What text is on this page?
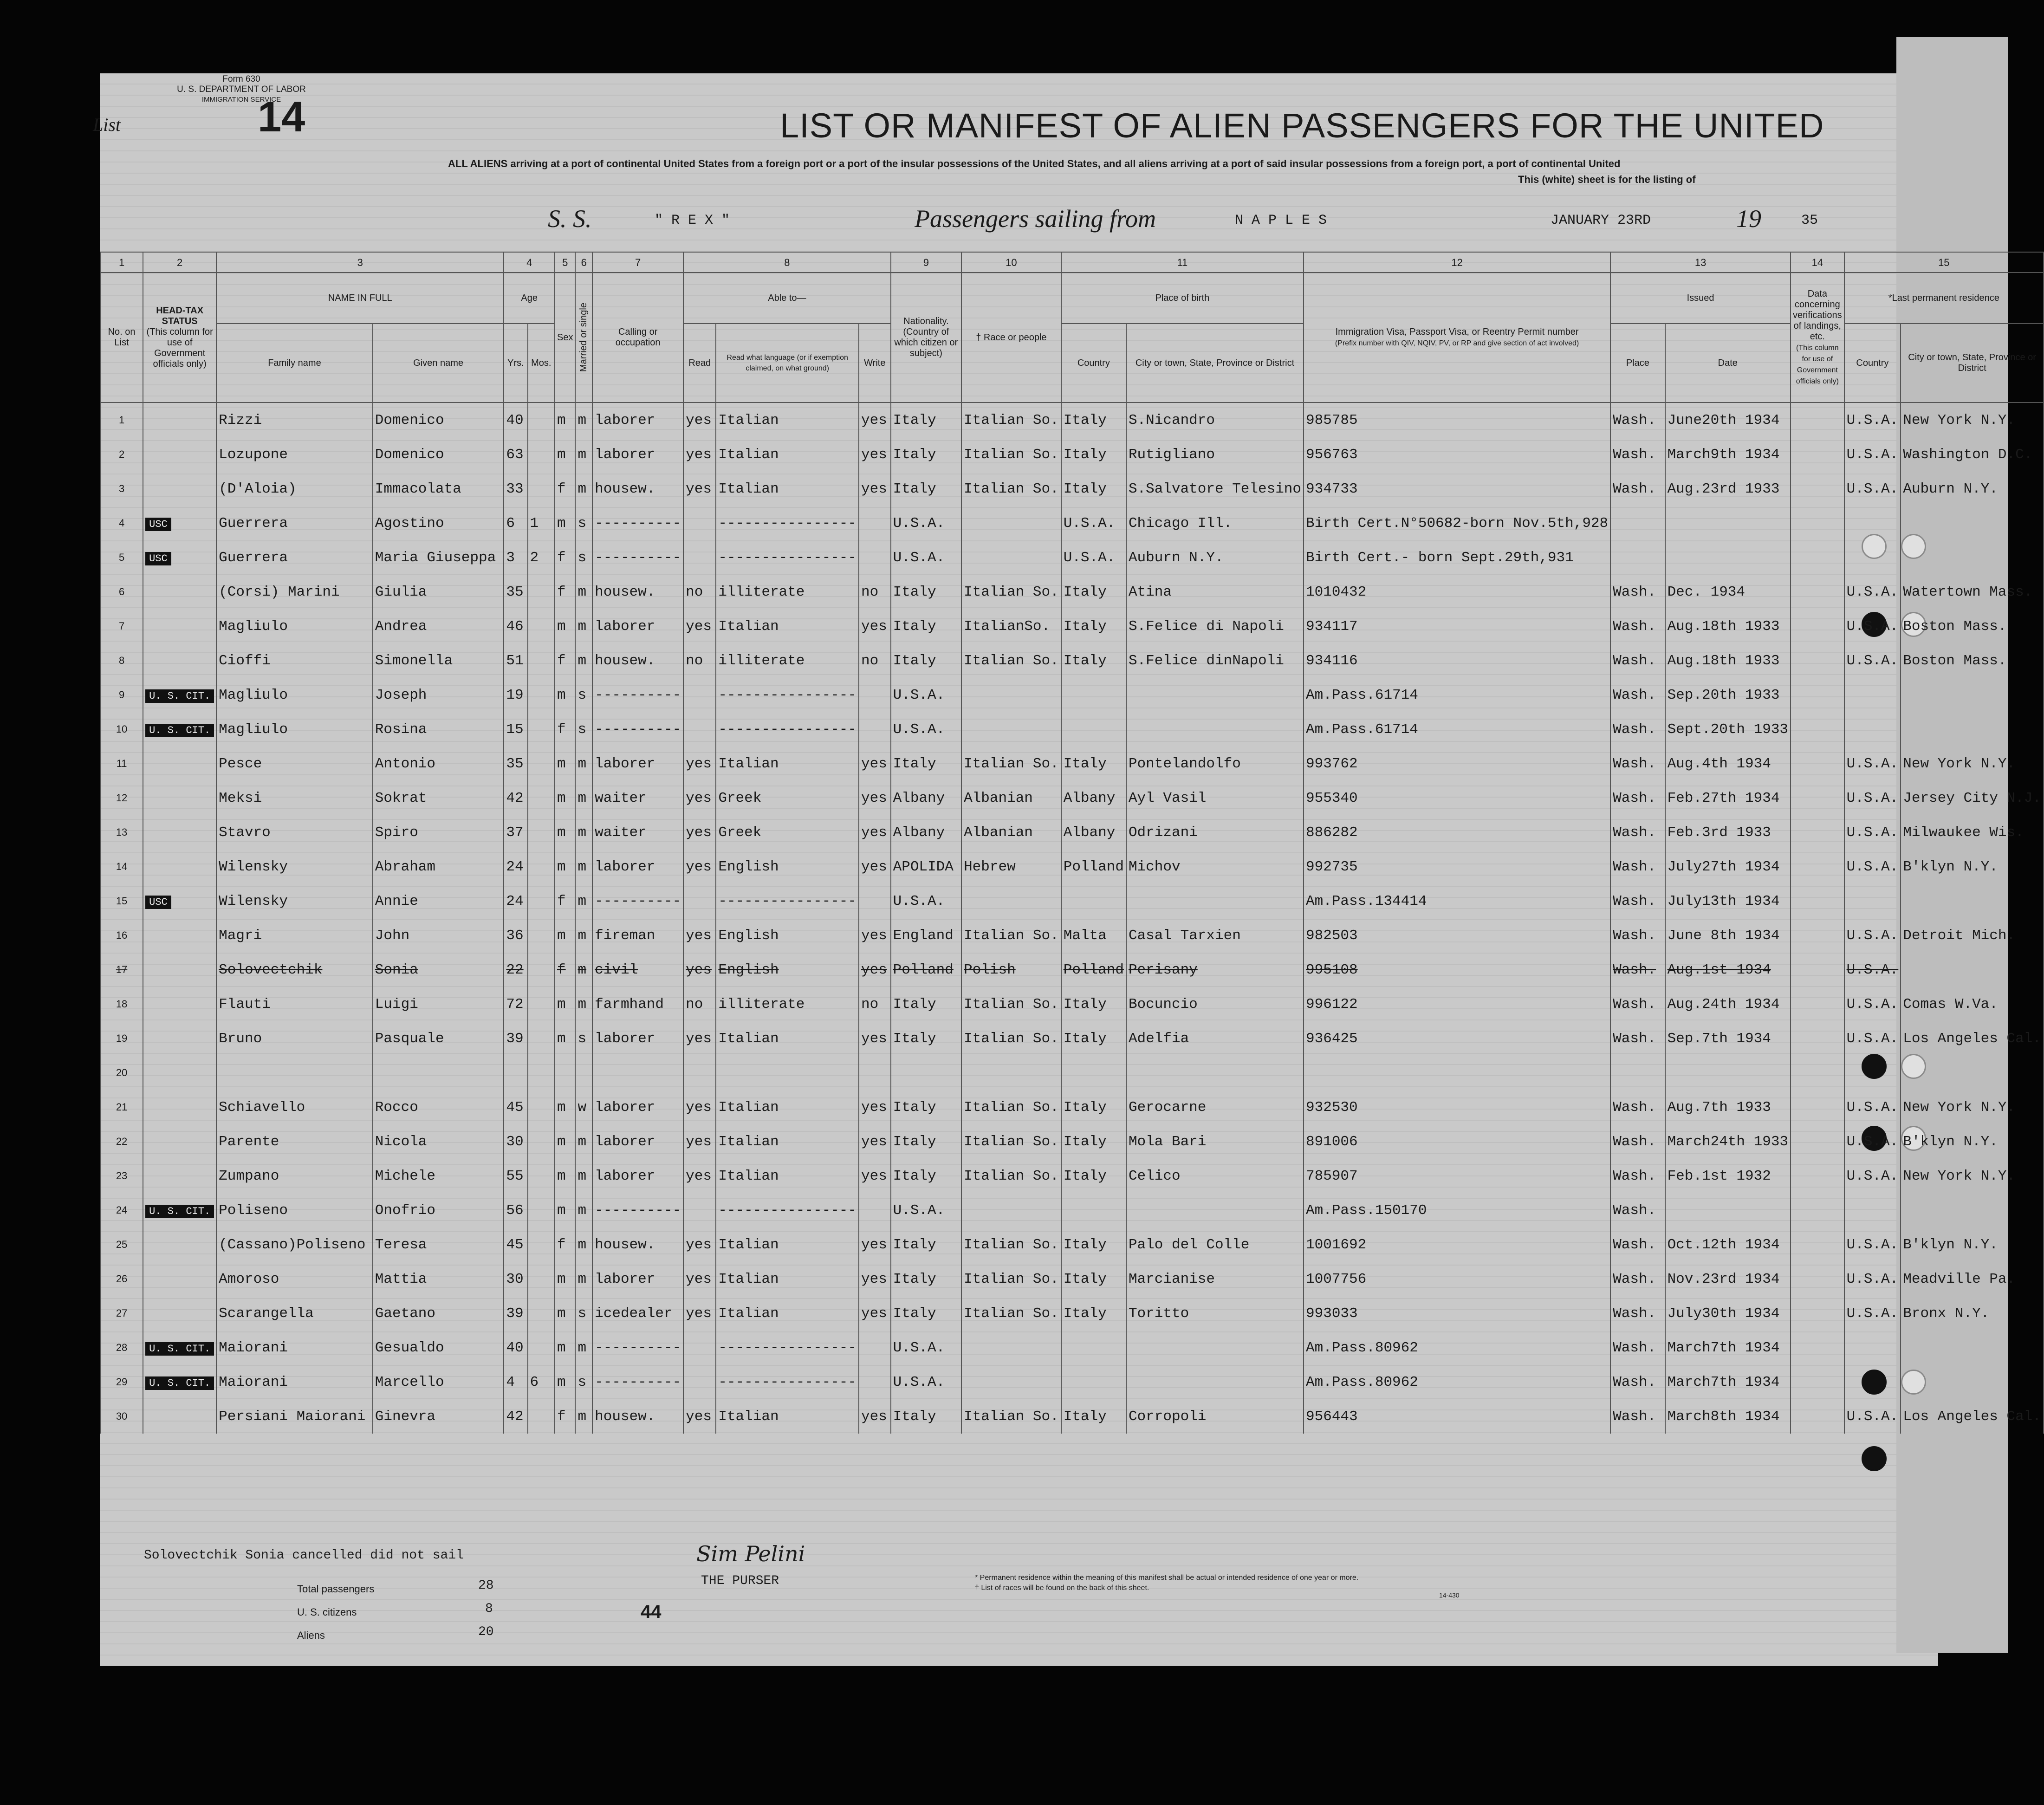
Form 630
U. S. DEPARTMENT OF LABOR
IMMIGRATION SERVICE
List	14	LIST OR MANIFEST OF ALIEN PASSENGERS FOR THE UNITED
ALL ALIENS arriving at a port of continental United States from a foreign port or a port of the insular possessions of the United States, and all aliens arriving at a port of said insular possessions from a foreign port, a port of continental United
This (white) sheet is for the listing of
S. S.	" R E X "	Passengers sailing from	N A P L E S	JANUARY 23RD	19	35
1	2	3		4		5	6	7	8			9	10	11		12	13		14	15	
No. on List	HEAD-TAX STATUS
(This column for use of Government officials only)	NAME IN FULL		Age		Sex	Married or single	Calling or occupation	Able to—			Nationality. (Country of which citizen or subject)	† Race or people	Place of birth		Immigration Visa, Passport Visa, or Reentry Permit number
(Prefix number with QIV, NQIV, PV, or RP and give section of act involved)	Issued		Data concerning verifications of landings, etc.
(This column for use of Government officials only)	*Last permanent residence	
		Family name	Given name	Yrs.	Mos.				Read	Read what language (or if exemption claimed, on what ground)	Write			Country	City or town, State, Province or District		Place	Date		Country	City or town, State, Province or District
1		Rizzi	Domenico	40		m	m	laborer	yes	Italian	yes	Italy	Italian So.	Italy	S.Nicandro	985785	Wash.	June20th 1934		U.S.A.	New York N.Y.
2		Lozupone	Domenico	63		m	m	laborer	yes	Italian	yes	Italy	Italian So.	Italy	Rutigliano	956763	Wash.	March9th 1934		U.S.A.	Washington D.C.
3		(D'Aloia)	Immacolata	33		f	m	housew.	yes	Italian	yes	Italy	Italian So.	Italy	S.Salvatore Telesino	934733	Wash.	Aug.23rd 1933		U.S.A.	Auburn N.Y.
4	USC	Guerrera	Agostino	6	1	m	s	----------		----------------		U.S.A.		U.S.A.	Chicago Ill.	Birth Cert.N°50682-born Nov.5th,928					
5	USC	Guerrera	Maria Giuseppa	3	2	f	s	----------		----------------		U.S.A.		U.S.A.	Auburn N.Y.	Birth Cert.- born Sept.29th,931					
6		(Corsi) Marini	Giulia	35		f	m	housew.	no	illiterate	no	Italy	Italian So.	Italy	Atina	1010432	Wash.	Dec. 1934		U.S.A.	Watertown Mass.
7		Magliulo	Andrea	46		m	m	laborer	yes	Italian	yes	Italy	ItalianSo.	Italy	S.Felice di Napoli	934117	Wash.	Aug.18th 1933		U.S.A.	Boston Mass.
8		Cioffi	Simonella	51		f	m	housew.	no	illiterate	no	Italy	Italian So.	Italy	S.Felice dinNapoli	934116	Wash.	Aug.18th 1933		U.S.A.	Boston Mass.
9	U. S. CIT.	Magliulo	Joseph	19		m	s	----------		----------------		U.S.A.				Am.Pass.61714	Wash.	Sep.20th 1933			
10	U. S. CIT.	Magliulo	Rosina	15		f	s	----------		----------------		U.S.A.				Am.Pass.61714	Wash.	Sept.20th 1933			
11		Pesce	Antonio	35		m	m	laborer	yes	Italian	yes	Italy	Italian So.	Italy	Pontelandolfo	993762	Wash.	Aug.4th 1934		U.S.A.	New York N.Y.
12		Meksi	Sokrat	42		m	m	waiter	yes	Greek	yes	Albany	Albanian	Albany	Ayl Vasil	955340	Wash.	Feb.27th 1934		U.S.A.	Jersey City N.J.
13		Stavro	Spiro	37		m	m	waiter	yes	Greek	yes	Albany	Albanian	Albany	Odrizani	886282	Wash.	Feb.3rd 1933		U.S.A.	Milwaukee Wis.
14		Wilensky	Abraham	24		m	m	laborer	yes	English	yes	APOLIDA	Hebrew	Polland	Michov	992735	Wash.	July27th 1934		U.S.A.	B'klyn N.Y.
15	USC	Wilensky	Annie	24		f	m	----------		----------------		U.S.A.				Am.Pass.134414	Wash.	July13th 1934			
16		Magri	John	36		m	m	fireman	yes	English	yes	England	Italian So.	Malta	Casal Tarxien	982503	Wash.	June 8th 1934		U.S.A.	Detroit Mich.
17		Solovectchik	Sonia	22		f	m	civil	yes	English	yes	Polland	Polish	Polland	Perisany	995108	Wash.	Aug.1st 1934		U.S.A.	
18		Flauti	Luigi	72		m	m	farmhand	no	illiterate	no	Italy	Italian So.	Italy	Bocuncio	996122	Wash.	Aug.24th 1934		U.S.A.	Comas W.Va.
19		Bruno	Pasquale	39		m	s	laborer	yes	Italian	yes	Italy	Italian So.	Italy	Adelfia	936425	Wash.	Sep.7th 1934		U.S.A.	Los Angeles Cal.
20																					
21		Schiavello	Rocco	45		m	w	laborer	yes	Italian	yes	Italy	Italian So.	Italy	Gerocarne	932530	Wash.	Aug.7th 1933		U.S.A.	New York N.Y.
22		Parente	Nicola	30		m	m	laborer	yes	Italian	yes	Italy	Italian So.	Italy	Mola Bari	891006	Wash.	March24th 1933		U.S.A.	B'klyn N.Y.
23		Zumpano	Michele	55		m	m	laborer	yes	Italian	yes	Italy	Italian So.	Italy	Celico	785907	Wash.	Feb.1st 1932		U.S.A.	New York N.Y.
24	U. S. CIT.	Poliseno	Onofrio	56		m	m	----------		----------------		U.S.A.				Am.Pass.150170	Wash.				
25		(Cassano)Poliseno	Teresa	45		f	m	housew.	yes	Italian	yes	Italy	Italian So.	Italy	Palo del Colle	1001692	Wash.	Oct.12th 1934		U.S.A.	B'klyn N.Y.
26		Amoroso	Mattia	30		m	m	laborer	yes	Italian	yes	Italy	Italian So.	Italy	Marcianise	1007756	Wash.	Nov.23rd 1934		U.S.A.	Meadville Pa.
27		Scarangella	Gaetano	39		m	s	icedealer	yes	Italian	yes	Italy	Italian So.	Italy	Toritto	993033	Wash.	July30th 1934		U.S.A.	Bronx N.Y.
28	U. S. CIT.	Maiorani	Gesualdo	40		m	m	----------		----------------		U.S.A.				Am.Pass.80962	Wash.	March7th 1934			
29	U. S. CIT.	Maiorani	Marcello	4	6	m	s	----------		----------------		U.S.A.				Am.Pass.80962	Wash.	March7th 1934			
30		Persiani Maiorani	Ginevra	42		f	m	housew.	yes	Italian	yes	Italy	Italian So.	Italy	Corropoli	956443	Wash.	March8th 1934		U.S.A.	Los Angeles Cal.
Solovectchik Sonia cancelled did not sail
Total passengers	28
U. S. citizens	8
Aliens	20
44
Sim Pelini
THE PURSER	* Permanent residence within the meaning of this manifest shall be actual or intended residence of one year or more.
† List of races will be found on the back of this sheet.
14-430
